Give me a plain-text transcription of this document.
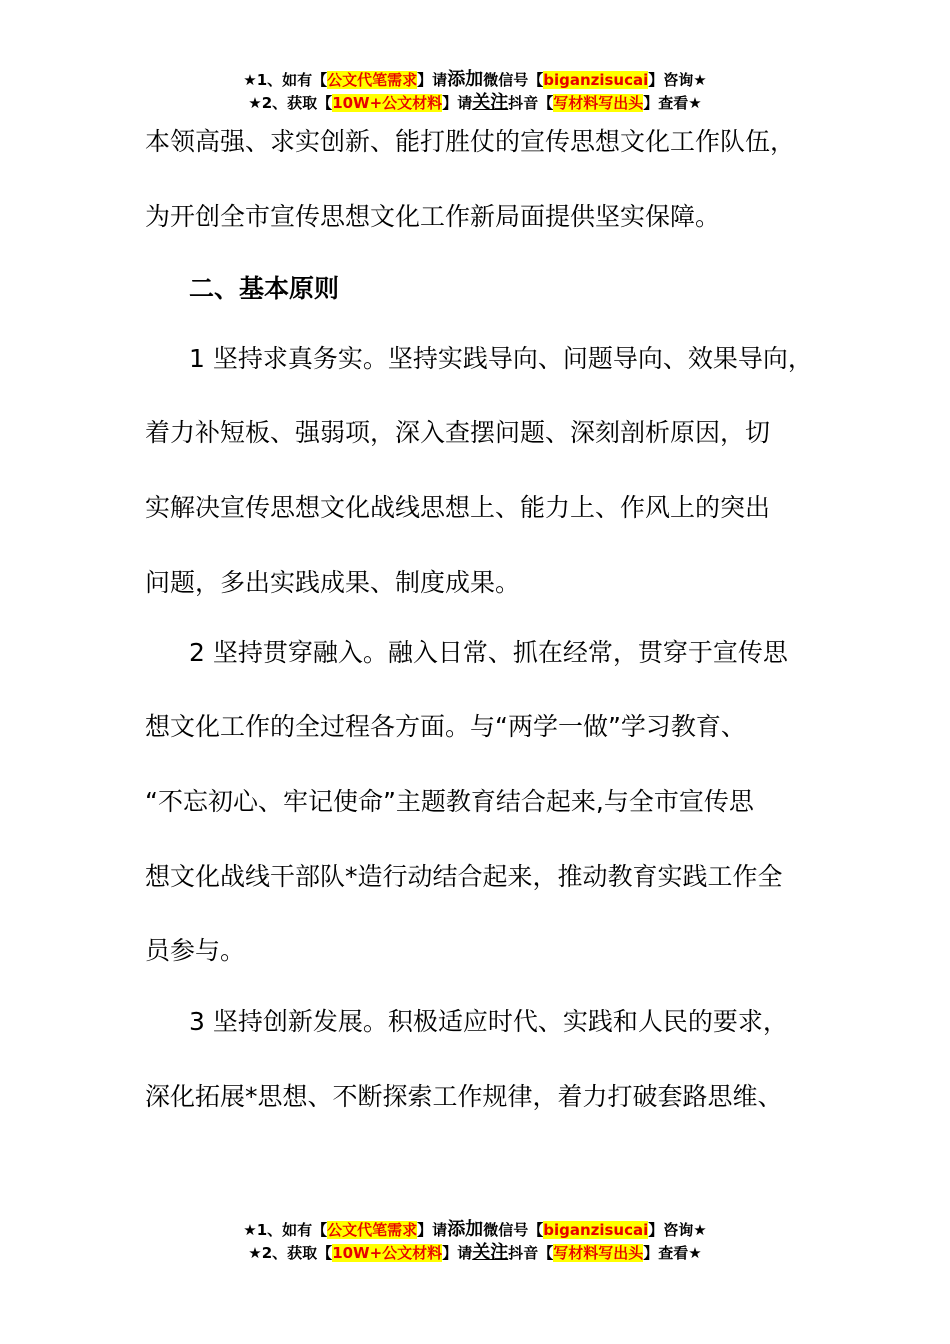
★1、如有【公文代笔需求】请添加微信号【biganzisucai】咨询★
★2、获取【10W+公文材料】请关注抖音【写材料写出头】查看★
本领高强、求实创新、能打胜仗的宣传思想文化工作队伍，
为开创全市宣传思想文化工作新局面提供坚实保障。
二、基本原则
1 坚持求真务实。坚持实践导向、问题导向、效果导向，
着力补短板、强弱项，深入查摆问题、深刻剖析原因，切
实解决宣传思想文化战线思想上、能力上、作风上的突出
问题，多出实践成果、制度成果。
2 坚持贯穿融入。融入日常、抓在经常，贯穿于宣传思
想文化工作的全过程各方面。与“两学一做”学习教育、
“不忘初心、牢记使命”主题教育结合起来,与全市宣传思
想文化战线干部队*造行动结合起来，推动教育实践工作全
员参与。
3 坚持创新发展。积极适应时代、实践和人民的要求，
深化拓展*思想、不断探索工作规律，着力打破套路思维、
★1、如有【公文代笔需求】请添加微信号【biganzisucai】咨询★
★2、获取【10W+公文材料】请关注抖音【写材料写出头】查看★
